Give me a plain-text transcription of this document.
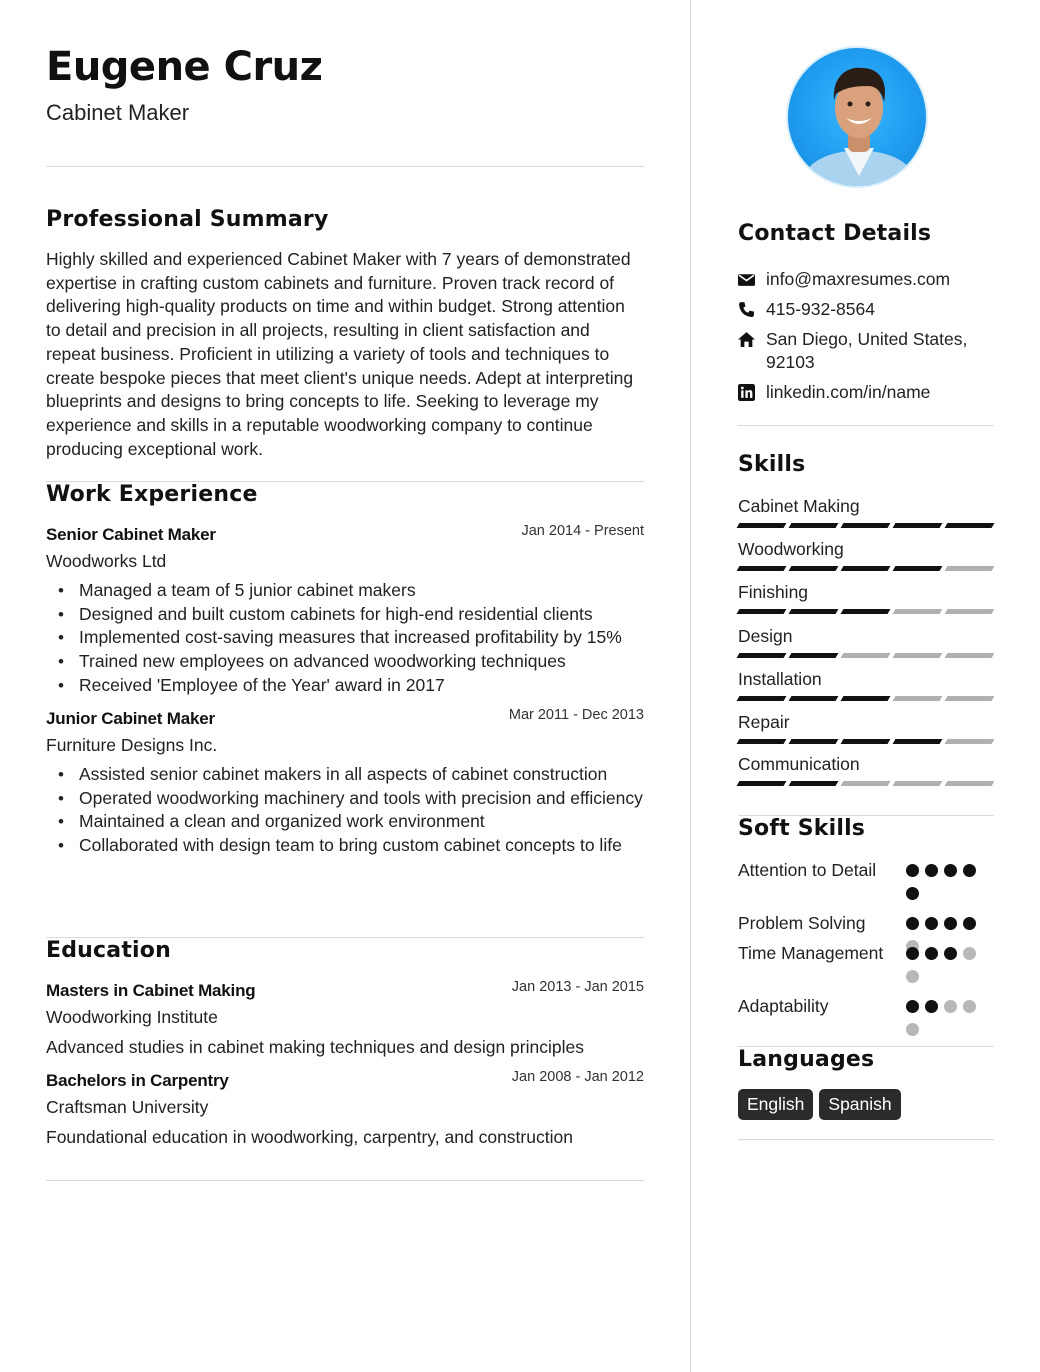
Eugene Cruz
Cabinet Maker
Professional Summary
Highly skilled and experienced Cabinet Maker with 7 years of demonstrated expertise in crafting custom cabinets and furniture. Proven track record of delivering high-quality products on time and within budget. Strong attention to detail and precision in all projects, resulting in client satisfaction and repeat business. Proficient in utilizing a variety of tools and techniques to create bespoke pieces that meet client's unique needs. Adept at interpreting blueprints and designs to bring concepts to life. Seeking to leverage my experience and skills in a reputable woodworking company to continue producing exceptional work.
Work Experience
Senior Cabinet Maker	Jan 2014 - Present
Woodworks Ltd
• Managed a team of 5 junior cabinet makers
• Designed and built custom cabinets for high-end residential clients
• Implemented cost-saving measures that increased profitability by 15%
• Trained new employees on advanced woodworking techniques
• Received 'Employee of the Year' award in 2017
Junior Cabinet Maker	Mar 2011 - Dec 2013
Furniture Designs Inc.
• Assisted senior cabinet makers in all aspects of cabinet construction
• Operated woodworking machinery and tools with precision and efficiency
• Maintained a clean and organized work environment
• Collaborated with design team to bring custom cabinet concepts to life
Education
Masters in Cabinet Making	Jan 2013 - Jan 2015
Woodworking Institute
Advanced studies in cabinet making techniques and design principles
Bachelors in Carpentry	Jan 2008 - Jan 2012
Craftsman University
Foundational education in woodworking, carpentry, and construction
Contact Details
info@maxresumes.com
415-932-8564
San Diego, United States, 92103
linkedin.com/in/name
Skills
Cabinet Making
Woodworking
Finishing
Design
Installation
Repair
Communication
Soft Skills
Attention to Detail
Problem Solving
Time Management
Adaptability
Languages
English	Spanish
